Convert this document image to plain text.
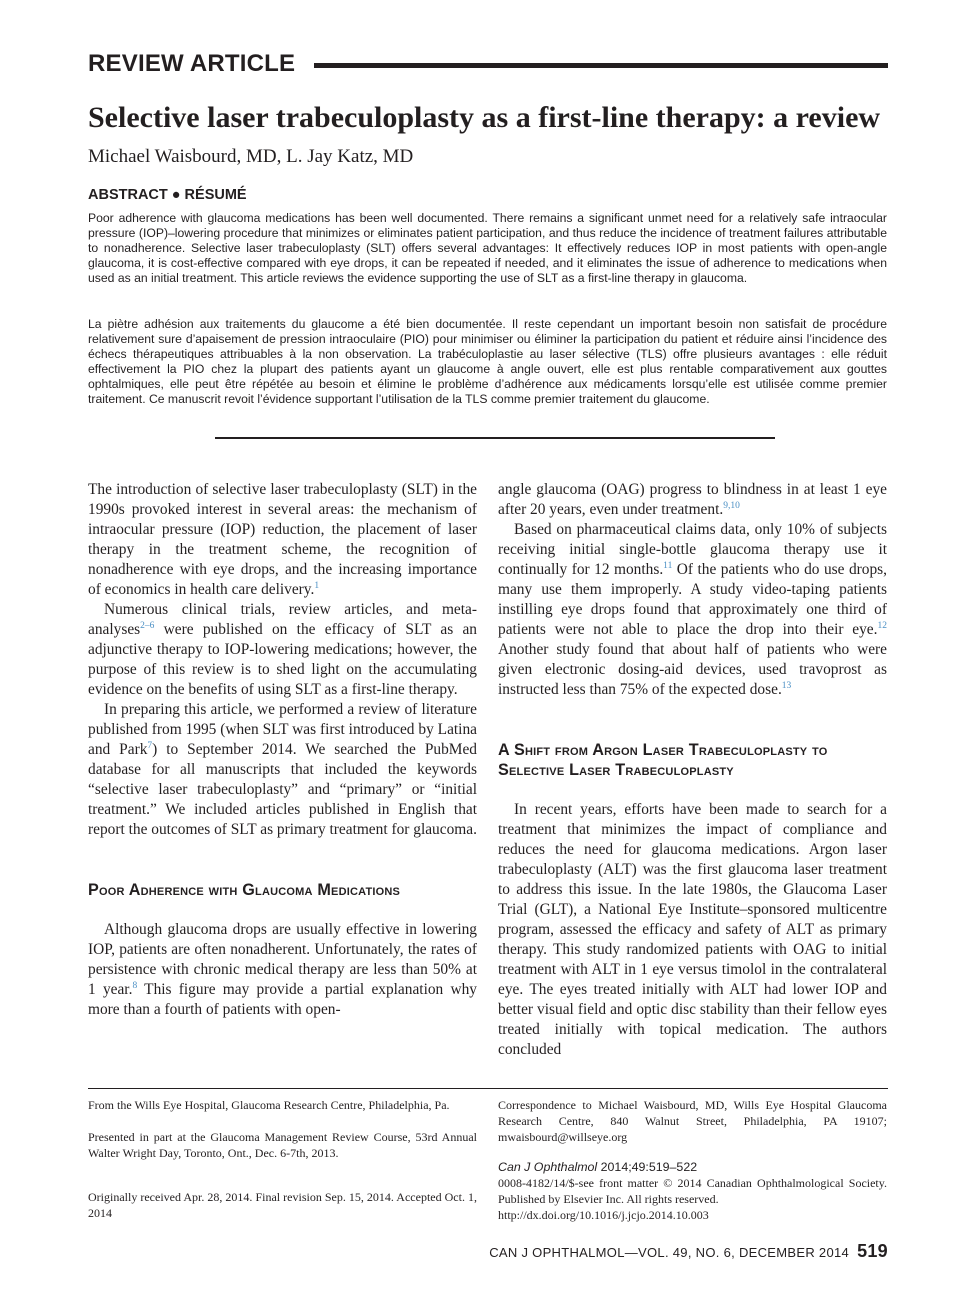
REVIEW ARTICLE
Selective laser trabeculoplasty as a first-line therapy: a review
Michael Waisbourd, MD, L. Jay Katz, MD
ABSTRACT ● RÉSUMÉ

Poor adherence with glaucoma medications has been well documented. There remains a significant unmet need for a relatively safe intraocular pressure (IOP)–lowering procedure that minimizes or eliminates patient participation, and thus reduce the incidence of treatment failures attributable to nonadherence. Selective laser trabeculoplasty (SLT) offers several advantages: It effectively reduces IOP in most patients with open-angle glaucoma, it is cost-effective compared with eye drops, it can be repeated if needed, and it eliminates the issue of adherence to medications when used as an initial treatment. This article reviews the evidence supporting the use of SLT as a first-line therapy in glaucoma.

La piètre adhésion aux traitements du glaucome a été bien documentée. Il reste cependant un important besoin non satisfait de procédure relativement sure d’apaisement de pression intraoculaire (PIO) pour minimiser ou éliminer la participation du patient et réduire ainsi l’incidence des échecs thérapeutiques attribuables à la non observation. La trabéculoplastie au laser sélective (TLS) offre plusieurs avantages : elle réduit effectivement la PIO chez la plupart des patients ayant un glaucome à angle ouvert, elle est plus rentable comparativement aux gouttes ophtalmiques, elle peut être répétée au besoin et élimine le problème d’adhérence aux médicaments lorsqu’elle est utilisée comme premier traitement. Ce manuscrit revoit l’évidence supportant l’utilisation de la TLS comme premier traitement du glaucome.

The introduction of selective laser trabeculoplasty (SLT) in the 1990s provoked interest in several areas: the mechanism of intraocular pressure (IOP) reduction, the placement of laser therapy in the treatment scheme, the recognition of nonadherence with eye drops, and the increasing importance of economics in health care delivery.$^1$

Numerous clinical trials, review articles, and meta-analyses$^{2-6}$ were published on the efficacy of SLT as an adjunctive therapy to IOP-lowering medications; however, the purpose of this review is to shed light on the accumulating evidence on the benefits of using SLT as a first-line therapy.

In preparing this article, we performed a review of literature published from 1995 (when SLT was first introduced by Latina and Park$^7$) to September 2014. We searched the PubMed database for all manuscripts that included the keywords “selective laser trabeculoplasty” and “primary” or “initial treatment.” We included articles published in English that report the outcomes of SLT as primary treatment for glaucoma.

Poor Adherence with Glaucoma Medications

Although glaucoma drops are usually effective in lowering IOP, patients are often nonadherent. Unfortunately, the rates of persistence with chronic medical therapy are less than 50% at 1 year.$^8$ This figure may provide a partial explanation why more than a fourth of patients with open-

angle glaucoma (OAG) progress to blindness in at least 1 eye after 20 years, even under treatment.$^{9,10}$

Based on pharmaceutical claims data, only 10% of subjects receiving initial single-bottle glaucoma therapy use it continually for 12 months.$^{11}$ Of the patients who do use drops, many use them improperly. A study video-taping patients instilling eye drops found that approximately one third of patients were not able to place the drop into their eye.$^{12}$ Another study found that about half of patients who were given electronic dosing-aid devices, used travoprost as instructed less than 75% of the expected dose.$^{13}$

A Shift from Argon Laser Trabeculoplasty to Selective Laser Trabeculoplasty

In recent years, efforts have been made to search for a treatment that minimizes the impact of compliance and reduces the need for glaucoma medications. Argon laser trabeculoplasty (ALT) was the first glaucoma laser treatment to address this issue. In the late 1980s, the Glaucoma Laser Trial (GLT), a National Eye Institute–sponsored multicentre program, assessed the efficacy and safety of ALT as primary therapy. This study randomized patients with OAG to initial treatment with ALT in 1 eye versus timolol in the contralateral eye. The eyes treated initially with ALT had lower IOP and better visual field and optic disc stability than their fellow eyes treated initially with topical medication. The authors concluded

From the Wills Eye Hospital, Glaucoma Research Centre, Philadelphia, Pa.

Presented in part at the Glaucoma Management Review Course, 53rd Annual Walter Wright Day, Toronto, Ont., Dec. 6-7th, 2013.

Originally received Apr. 28, 2014. Final revision Sep. 15, 2014. Accepted Oct. 1, 2014

Correspondence to Michael Waisbourd, MD, Wills Eye Hospital Glaucoma Research Centre, 840 Walnut Street, Philadelphia, PA 19107; mwaisbourd@willseye.org

Can J Ophthalmol 2014;49:519–522

0008-4182/14/$-see front matter © 2014 Canadian Ophthalmological Society. Published by Elsevier Inc. All rights reserved.
http://dx.doi.org/10.1016/j.jcjo.2014.10.003

CAN J OPHTHALMOL—VOL. 49, NO. 6, DECEMBER 2014 519
